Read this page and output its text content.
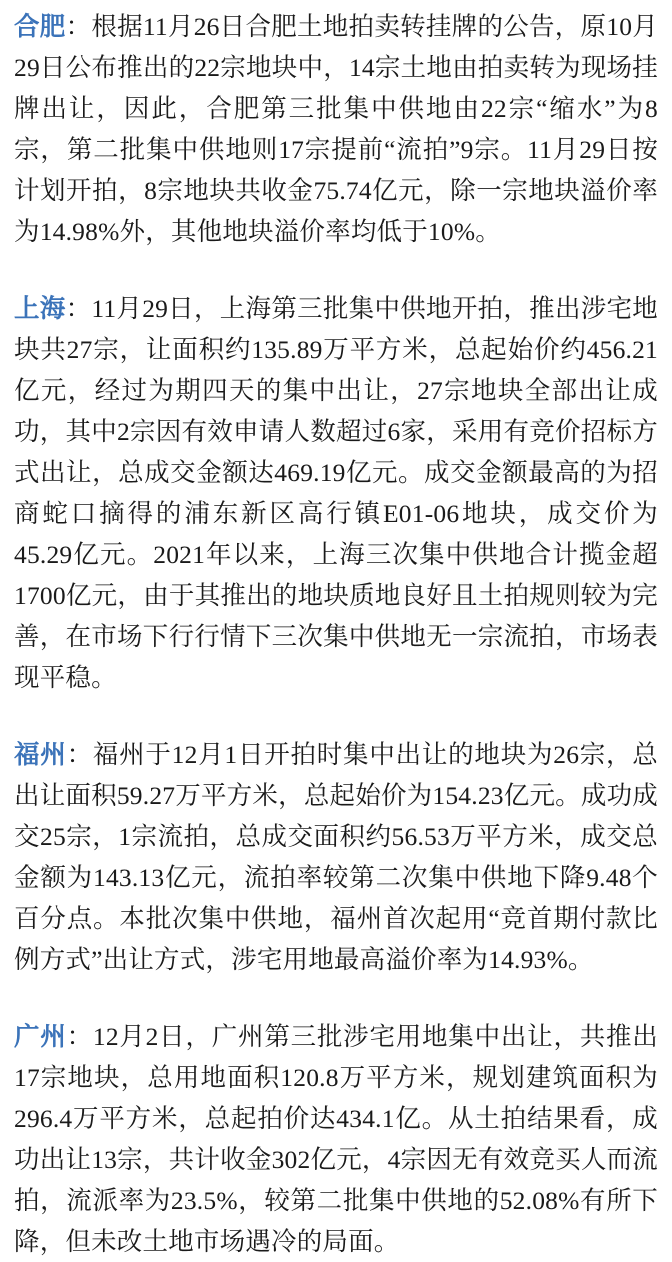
合肥：根据11月26日合肥土地拍卖转挂牌的公告，原10月29日公布推出的22宗地块中，14宗土地由拍卖转为现场挂牌出让，因此，合肥第三批集中供地由22宗“缩水”为8宗，第二批集中供地则17宗提前“流拍”9宗。11月29日按计划开拍，8宗地块共收金75.74亿元，除一宗地块溢价率为14.98%外，其他地块溢价率均低于10%。

上海：11月29日，上海第三批集中供地开拍，推出涉宅地块共27宗，让面积约135.89万平方米，总起始价约456.21亿元，经过为期四天的集中出让，27宗地块全部出让成功，其中2宗因有效申请人数超过6家，采用有竞价招标方式出让，总成交金额达469.19亿元。成交金额最高的为招商蛇口摘得的浦东新区高行镇E01-06地块，成交价为45.29亿元。2021年以来，上海三次集中供地合计揽金超1700亿元，由于其推出的地块质地良好且土拍规则较为完善，在市场下行行情下三次集中供地无一宗流拍，市场表现平稳。

福州：福州于12月1日开拍时集中出让的地块为26宗，总出让面积59.27万平方米，总起始价为154.23亿元。成功成交25宗，1宗流拍，总成交面积约56.53万平方米，成交总金额为143.13亿元，流拍率较第二次集中供地下降9.48个百分点。本批次集中供地，福州首次起用“竞首期付款比例方式”出让方式，涉宅用地最高溢价率为14.93%。

广州：12月2日，广州第三批涉宅用地集中出让，共推出17宗地块，总用地面积120.8万平方米，规划建筑面积为296.4万平方米，总起拍价达434.1亿。从土拍结果看，成功出让13宗，共计收金302亿元，4宗因无有效竞买人而流拍，流派率为23.5%，较第二批集中供地的52.08%有所下降，但未改土地市场遇冷的局面。
